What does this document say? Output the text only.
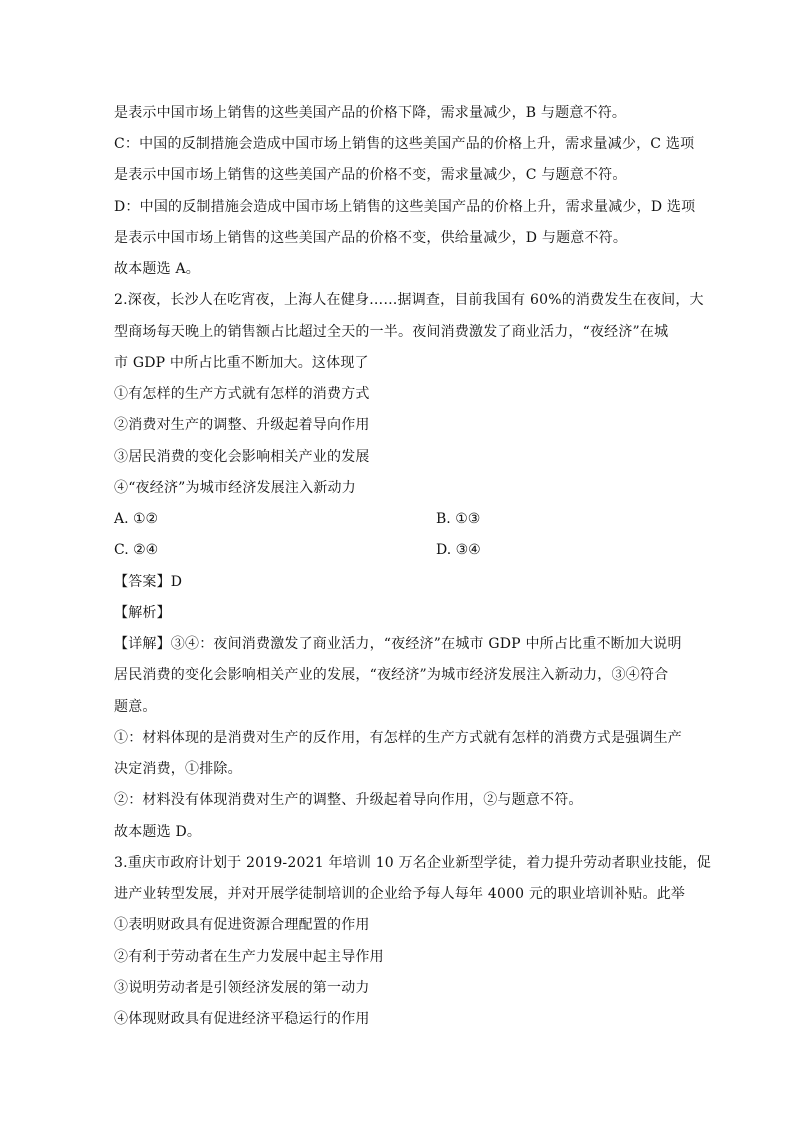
是表示中国市场上销售的这些美国产品的价格下降，需求量减少，B 与题意不符。
C：中国的反制措施会造成中国市场上销售的这些美国产品的价格上升，需求量减少，C 选项
是表示中国市场上销售的这些美国产品的价格不变，需求量减少，C 与题意不符。
D：中国的反制措施会造成中国市场上销售的这些美国产品的价格上升，需求量减少，D 选项
是表示中国市场上销售的这些美国产品的价格不变，供给量减少，D 与题意不符。
故本题选 A。
2.深夜，长沙人在吃宵夜，上海人在健身……据调查，目前我国有 60%的消费发生在夜间，大
型商场每天晚上的销售额占比超过全天的一半。夜间消费激发了商业活力，“夜经济”在城
市 GDP 中所占比重不断加大。这体现了
①有怎样的生产方式就有怎样的消费方式
②消费对生产的调整、升级起着导向作用
③居民消费的变化会影响相关产业的发展
④“夜经济”为城市经济发展注入新动力
A. ①②	B. ①③
C. ②④	D. ③④
【答案】D
【解析】
【详解】③④：夜间消费激发了商业活力，“夜经济”在城市 GDP 中所占比重不断加大说明
居民消费的变化会影响相关产业的发展，“夜经济”为城市经济发展注入新动力，③④符合
题意。
①：材料体现的是消费对生产的反作用，有怎样的生产方式就有怎样的消费方式是强调生产
决定消费，①排除。
②：材料没有体现消费对生产的调整、升级起着导向作用，②与题意不符。
故本题选 D。
3.重庆市政府计划于 2019-2021 年培训 10 万名企业新型学徒，着力提升劳动者职业技能，促
进产业转型发展，并对开展学徒制培训的企业给予每人每年 4000 元的职业培训补贴。此举
①表明财政具有促进资源合理配置的作用
②有利于劳动者在生产力发展中起主导作用
③说明劳动者是引领经济发展的第一动力
④体现财政具有促进经济平稳运行的作用
